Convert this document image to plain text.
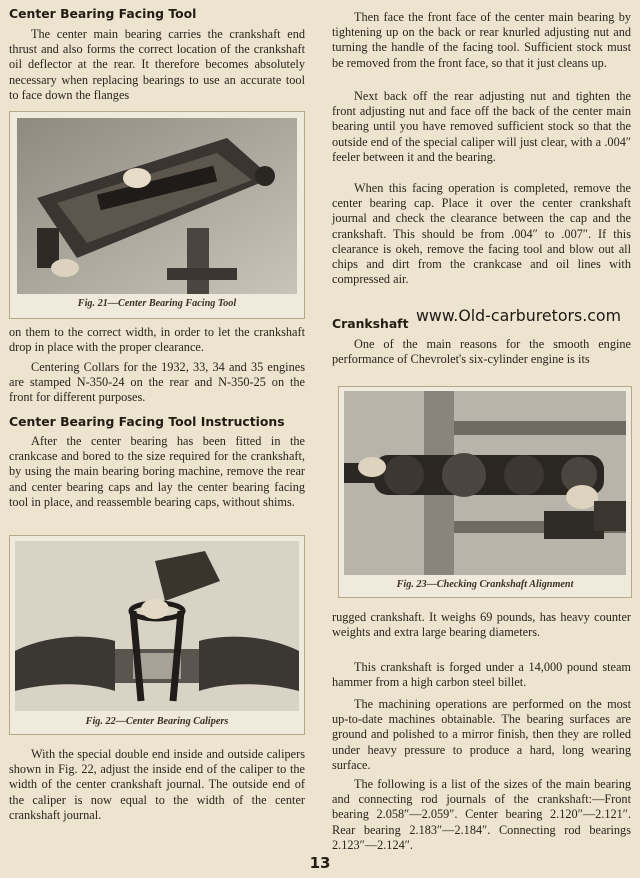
Center Bearing Facing Tool

The center main bearing carries the crankshaft end thrust and also forms the correct location of the crankshaft oil deflector at the rear. It therefore becomes absolutely necessary when replacing bearings to use an accurate tool to face down the flanges

Fig. 21—Center Bearing Facing Tool

on them to the correct width, in order to let the crankshaft drop in place with the proper clearance.

Centering Collars for the 1932, 33, 34 and 35 engines are stamped N-350-24 on the rear and N-350-25 on the front for different purposes.

Center Bearing Facing Tool Instructions

After the center bearing has been fitted in the crankcase and bored to the size required for the crankshaft, by using the main bearing boring machine, remove the rear and center bearing caps and lay the center bearing facing tool in place, and reassemble bearing caps, without shims.

Fig. 22—Center Bearing Calipers

With the special double end inside and outside calipers shown in Fig. 22, adjust the inside end of the caliper to the width of the center crankshaft journal. The outside end of the caliper is now equal to the width of the center crankshaft journal.

Then face the front face of the center main bearing by tightening up on the back or rear knurled adjusting nut and turning the handle of the facing tool. Sufficient stock must be removed from the front face, so that it just cleans up.

Next back off the rear adjusting nut and tighten the front adjusting nut and face off the back of the center main bearing until you have removed sufficient stock so that the outside end of the special caliper will just clear, with a .004″ feeler between it and the bearing.

When this facing operation is completed, remove the center bearing cap. Place it over the center crankshaft journal and check the clearance between the cap and the crankshaft. This should be from .004″ to .007″. If this clearance is okeh, remove the facing tool and blow out all chips and dirt from the crankcase and oil lines with compressed air.

Crankshaft

One of the main reasons for the smooth engine performance of Chevrolet's six-cylinder engine is its

Fig. 23—Checking Crankshaft Alignment

rugged crankshaft. It weighs 69 pounds, has heavy counter weights and extra large bearing diameters.

This crankshaft is forged under a 14,000 pound steam hammer from a high carbon steel billet.

The machining operations are performed on the most up-to-date machines obtainable. The bearing surfaces are ground and polished to a mirror finish, then they are rolled under heavy pressure to produce a hard, long wearing surface.

The following is a list of the sizes of the main bearing and connecting rod journals of the crankshaft:—Front bearing 2.058″—2.059″. Center bearing 2.120″—2.121″. Rear bearing 2.183″—2.184″. Connecting rod bearings 2.123″—2.124″.

www.Old-carburetors.com
13
